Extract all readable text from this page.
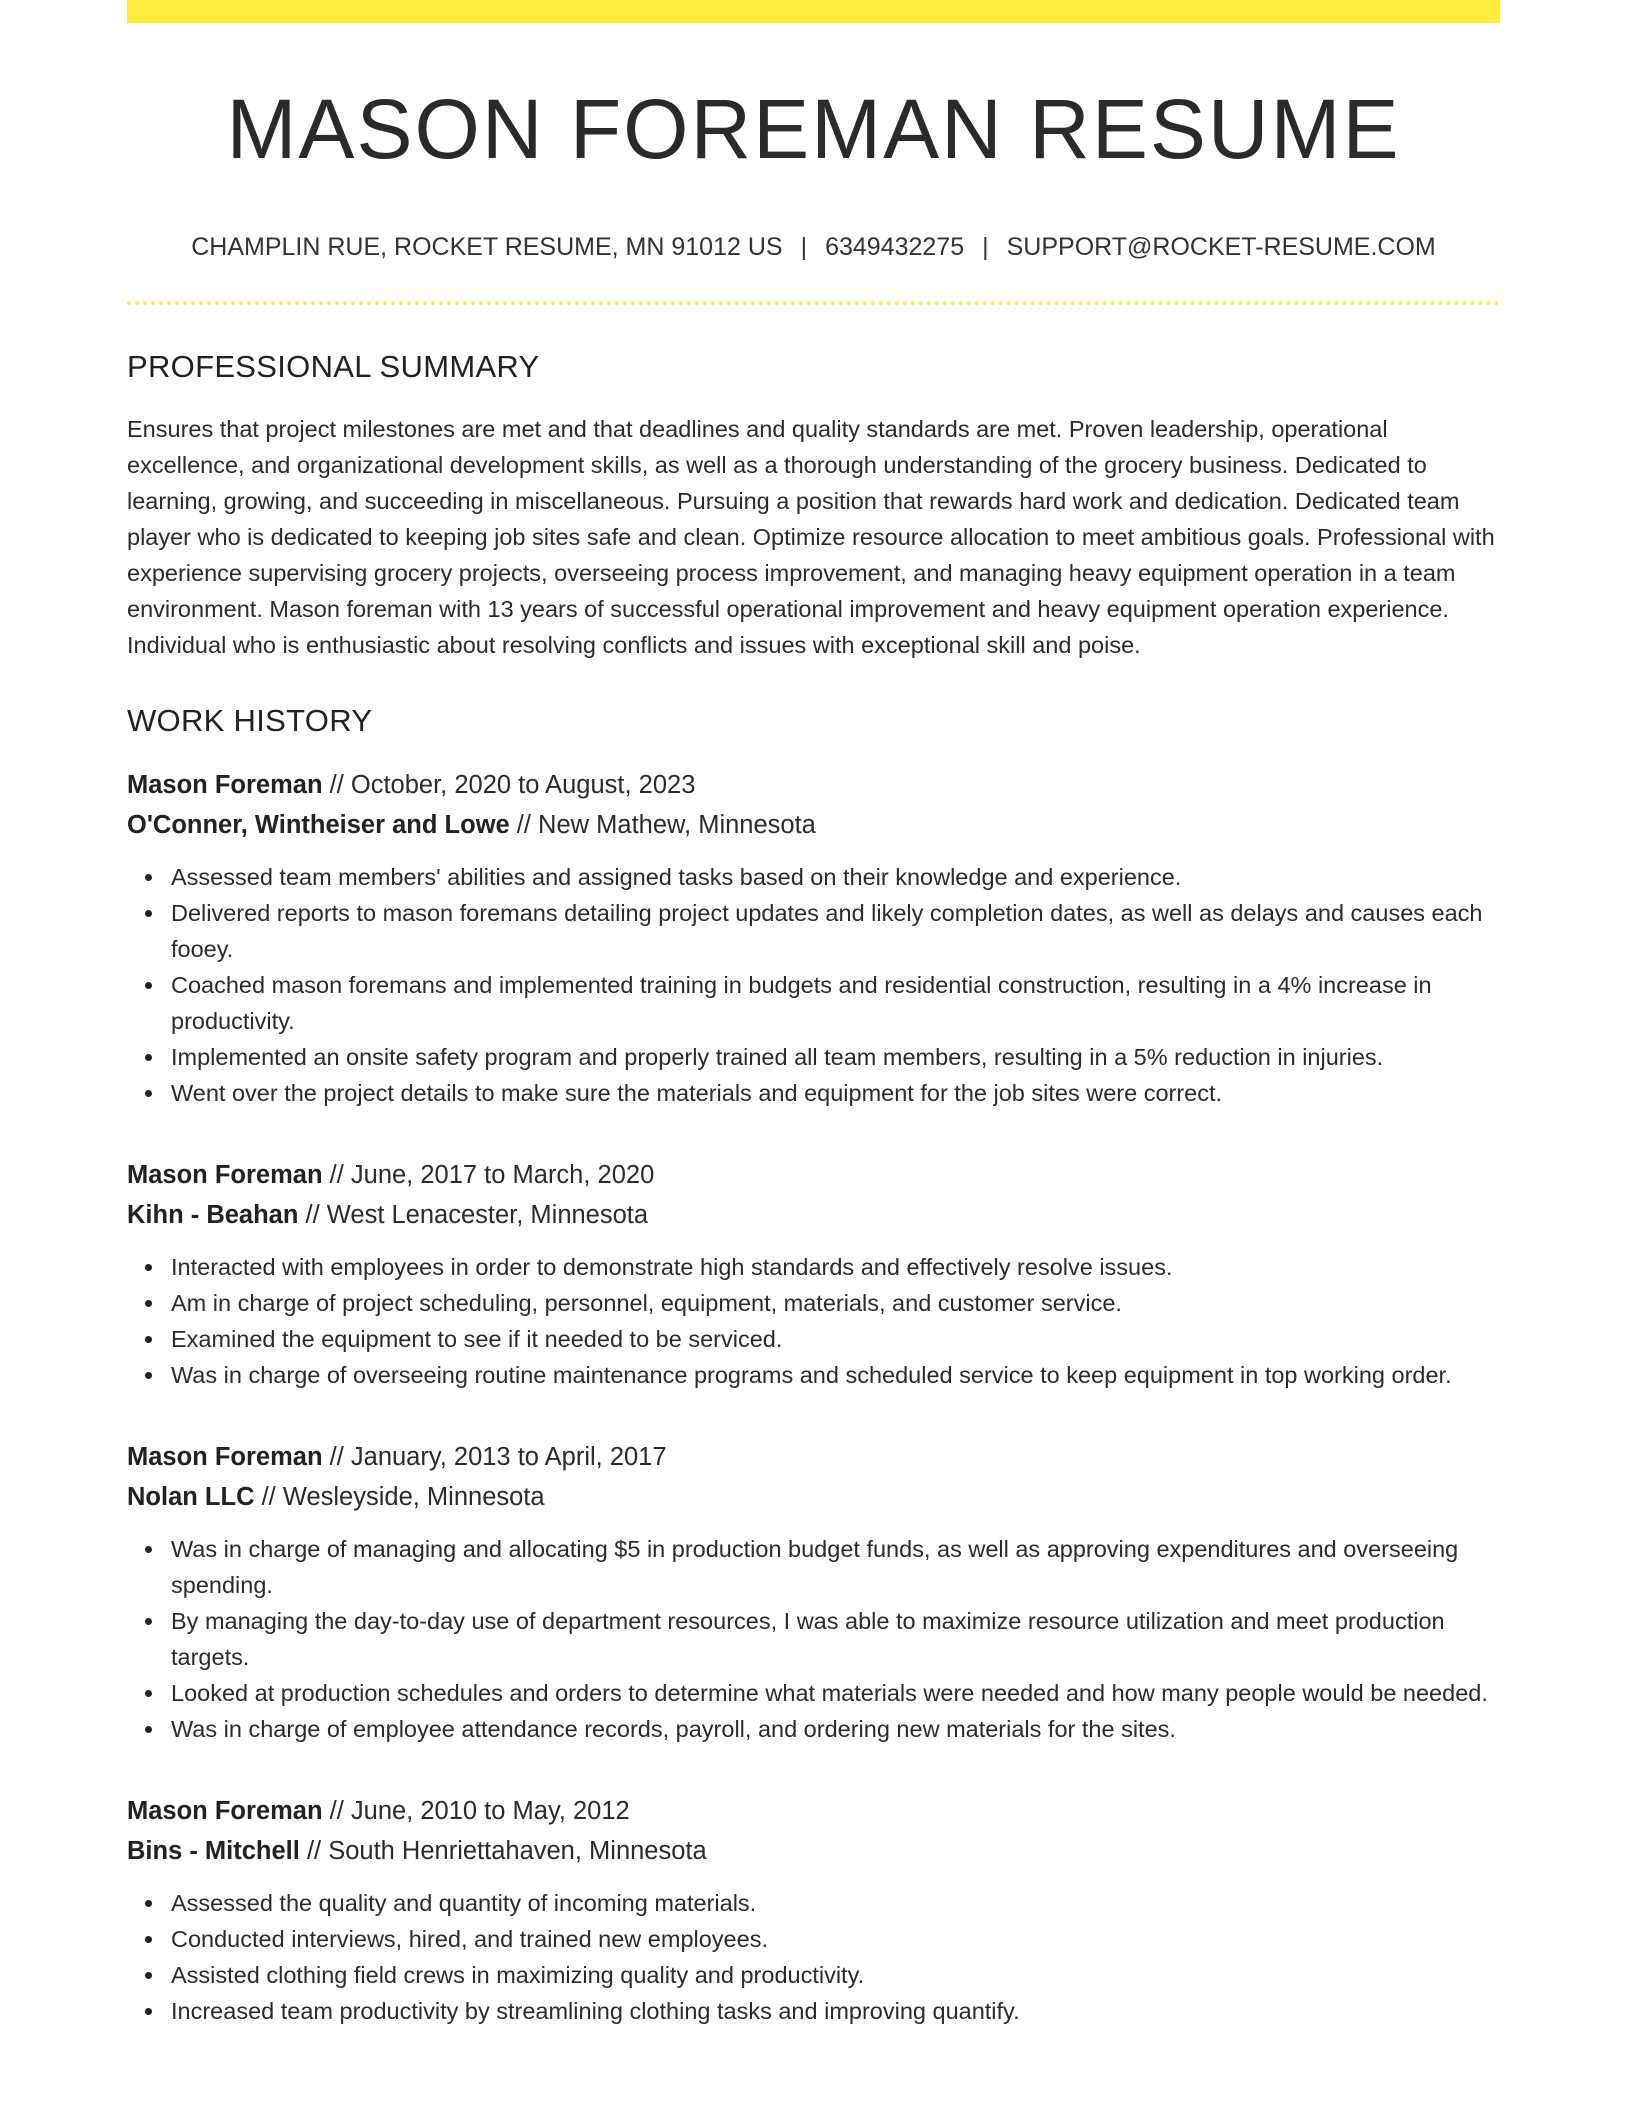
MASON FOREMAN RESUME
CHAMPLIN RUE, ROCKET RESUME, MN 91012 US | 6349432275 | SUPPORT@ROCKET-RESUME.COM
PROFESSIONAL SUMMARY

Ensures that project milestones are met and that deadlines and quality standards are met. Proven leadership, operational excellence, and organizational development skills, as well as a thorough understanding of the grocery business. Dedicated to learning, growing, and succeeding in miscellaneous. Pursuing a position that rewards hard work and dedication. Dedicated team player who is dedicated to keeping job sites safe and clean. Optimize resource allocation to meet ambitious goals. Professional with experience supervising grocery projects, overseeing process improvement, and managing heavy equipment operation in a team environment. Mason foreman with 13 years of successful operational improvement and heavy equipment operation experience. Individual who is enthusiastic about resolving conflicts and issues with exceptional skill and poise.

WORK HISTORY
Mason Foreman // October, 2020 to August, 2023
O'Conner, Wintheiser and Lowe // New Mathew, Minnesota
Assessed team members' abilities and assigned tasks based on their knowledge and experience.
Delivered reports to mason foremans detailing project updates and likely completion dates, as well as delays and causes each fooey.
Coached mason foremans and implemented training in budgets and residential construction, resulting in a 4% increase in productivity.
Implemented an onsite safety program and properly trained all team members, resulting in a 5% reduction in injuries.
Went over the project details to make sure the materials and equipment for the job sites were correct.
Mason Foreman // June, 2017 to March, 2020
Kihn - Beahan // West Lenacester, Minnesota
Interacted with employees in order to demonstrate high standards and effectively resolve issues.
Am in charge of project scheduling, personnel, equipment, materials, and customer service.
Examined the equipment to see if it needed to be serviced.
Was in charge of overseeing routine maintenance programs and scheduled service to keep equipment in top working order.
Mason Foreman // January, 2013 to April, 2017
Nolan LLC // Wesleyside, Minnesota
Was in charge of managing and allocating $5 in production budget funds, as well as approving expenditures and overseeing spending.
By managing the day-to-day use of department resources, I was able to maximize resource utilization and meet production targets.
Looked at production schedules and orders to determine what materials were needed and how many people would be needed.
Was in charge of employee attendance records, payroll, and ordering new materials for the sites.
Mason Foreman // June, 2010 to May, 2012
Bins - Mitchell // South Henriettahaven, Minnesota
Assessed the quality and quantity of incoming materials.
Conducted interviews, hired, and trained new employees.
Assisted clothing field crews in maximizing quality and productivity.
Increased team productivity by streamlining clothing tasks and improving quantify.
